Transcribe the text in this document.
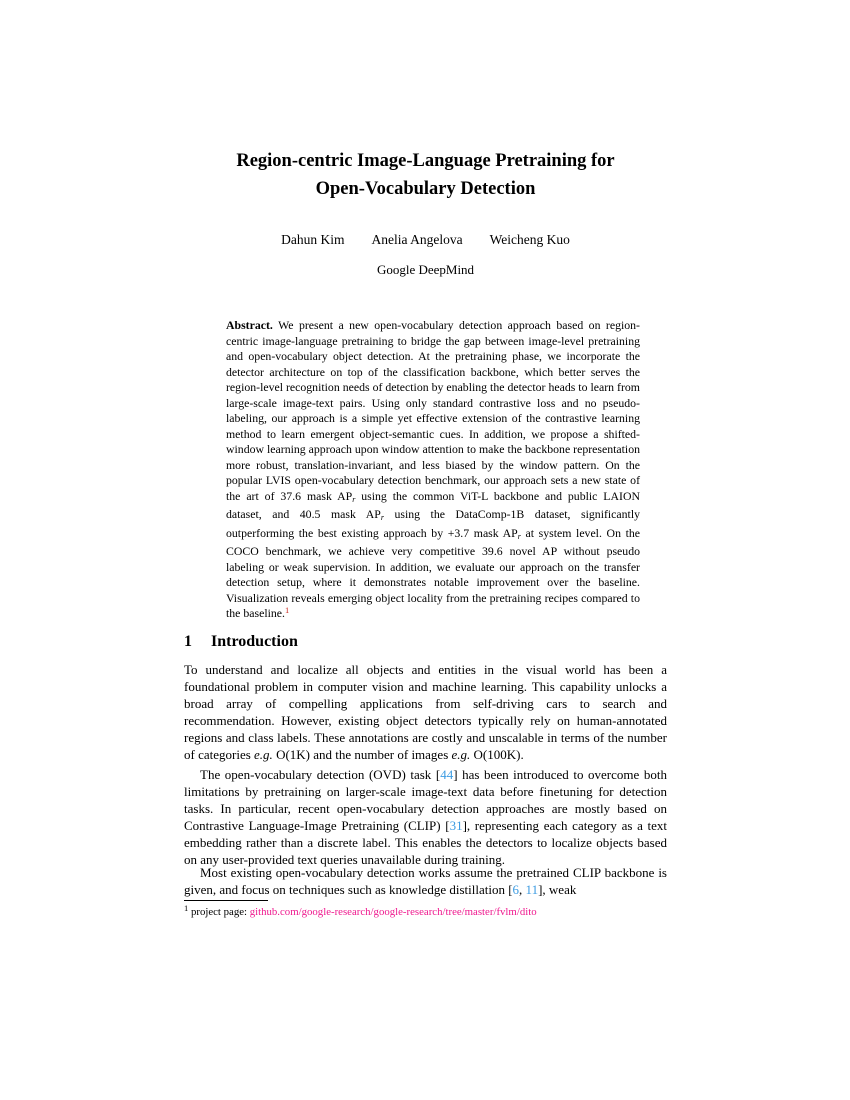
Region-centric Image-Language Pretraining for
Open-Vocabulary Detection
Dahun Kim Anelia Angelova Weicheng Kuo
Google DeepMind
Abstract. We present a new open-vocabulary detection approach based on region-centric image-language pretraining to bridge the gap between image-level pretraining and open-vocabulary object detection. At the pretraining phase, we incorporate the detector architecture on top of the classification backbone, which better serves the region-level recognition needs of detection by enabling the detector heads to learn from large-scale image-text pairs. Using only standard contrastive loss and no pseudo-labeling, our approach is a simple yet effective extension of the contrastive learning method to learn emergent object-semantic cues. In addition, we propose a shifted-window learning approach upon window attention to make the backbone representation more robust, translation-invariant, and less biased by the window pattern. On the popular LVIS open-vocabulary detection benchmark, our approach sets a new state of the art of 37.6 mask APr using the common ViT-L backbone and public LAION dataset, and 40.5 mask APr using the DataComp-1B dataset, significantly outperforming the best existing approach by +3.7 mask APr at system level. On the COCO benchmark, we achieve very competitive 39.6 novel AP without pseudo labeling or weak supervision. In addition, we evaluate our approach on the transfer detection setup, where it demonstrates notable improvement over the baseline. Visualization reveals emerging object locality from the pretraining recipes compared to the baseline.$^1$
1 Introduction
To understand and localize all objects and entities in the visual world has been a foundational problem in computer vision and machine learning. This capability unlocks a broad array of compelling applications from self-driving cars to search and recommendation. However, existing object detectors typically rely on human-annotated regions and class labels. These annotations are costly and unscalable in terms of the number of categories e.g. O(1K) and the number of images e.g. O(100K).
The open-vocabulary detection (OVD) task [44] has been introduced to overcome both limitations by pretraining on larger-scale image-text data before finetuning for detection tasks. In particular, recent open-vocabulary detection approaches are mostly based on Contrastive Language-Image Pretraining (CLIP) [31], representing each category as a text embedding rather than a discrete label. This enables the detectors to localize objects based on any user-provided text queries unavailable during training.
Most existing open-vocabulary detection works assume the pretrained CLIP backbone is given, and focus on techniques such as knowledge distillation [6, 11], weak
$^1$ project page: github.com/google-research/google-research/tree/master/fvlm/dito
